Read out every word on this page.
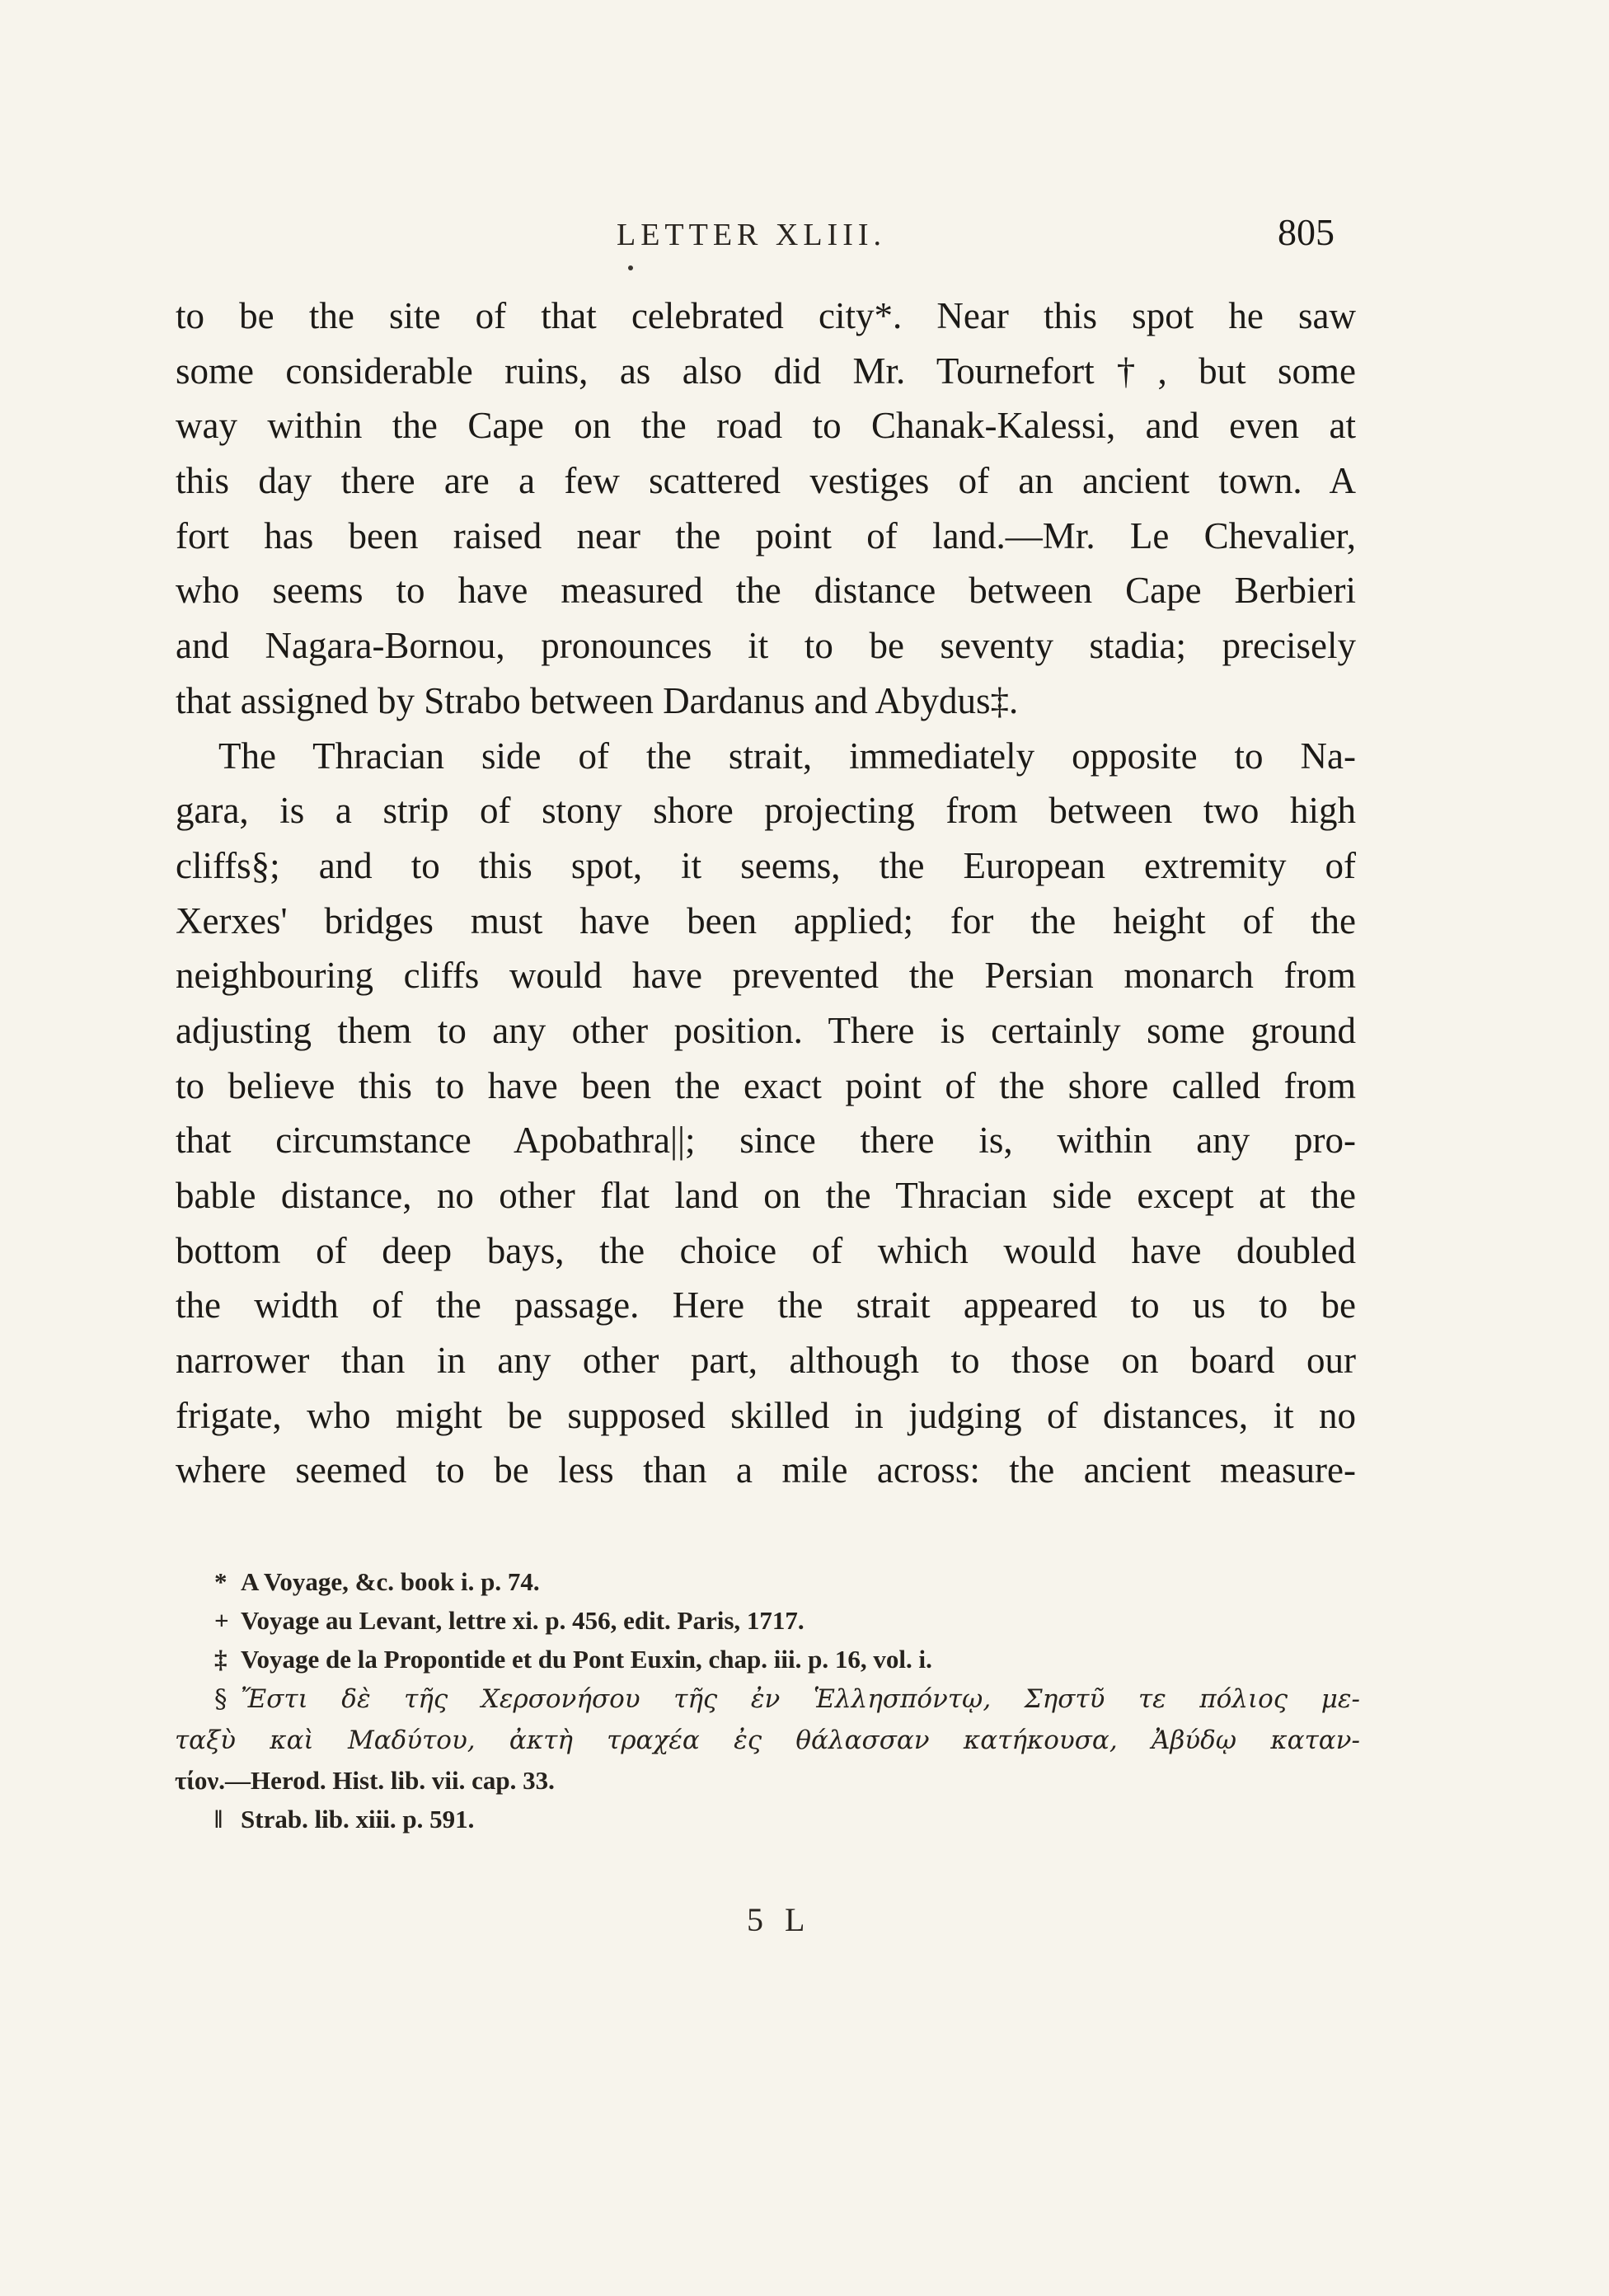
LETTER XLIII.	805
to be the site of that celebrated city*. Near this spot he saw
some considerable ruins, as also did Mr. Tournefort†, but some
way within the Cape on the road to Chanak-Kalessi, and even at
this day there are a few scattered vestiges of an ancient town. A
fort has been raised near the point of land.—Mr. Le Chevalier,
who seems to have measured the distance between Cape Berbieri
and Nagara-Bornou, pronounces it to be seventy stadia; precisely
that assigned by Strabo between Dardanus and Abydus‡.
The Thracian side of the strait, immediately opposite to Na-
gara, is a strip of stony shore projecting from between two high
cliffs§; and to this spot, it seems, the European extremity of
Xerxes' bridges must have been applied; for the height of the
neighbouring cliffs would have prevented the Persian monarch from
adjusting them to any other position. There is certainly some ground
to believe this to have been the exact point of the shore called from
that circumstance Apobathra||; since there is, within any pro-
bable distance, no other flat land on the Thracian side except at the
bottom of deep bays, the choice of which would have doubled
the width of the passage. Here the strait appeared to us to be
narrower than in any other part, although to those on board our
frigate, who might be supposed skilled in judging of distances, it no
where seemed to be less than a mile across: the ancient measure-
* A Voyage, &c. book i. p. 74.
+ Voyage au Levant, lettre xi. p. 456, edit. Paris, 1717.
‡ Voyage de la Propontide et du Pont Euxin, chap. iii. p. 16, vol. i.
§ Ἔστι δὲ τῆς Χερσονήσου τῆς ἐν Ἑλλησπόντῳ, Σηστῦ τε πόλιος με-
ταξὺ καὶ Μαδύτου, ἀκτὴ τραχέα ἐς θάλασσαν κατήκουσα, Ἀβύδῳ καταν-
τίον.—Herod. Hist. lib. vii. cap. 33.
‖ Strab. lib. xiii. p. 591.
5 L
